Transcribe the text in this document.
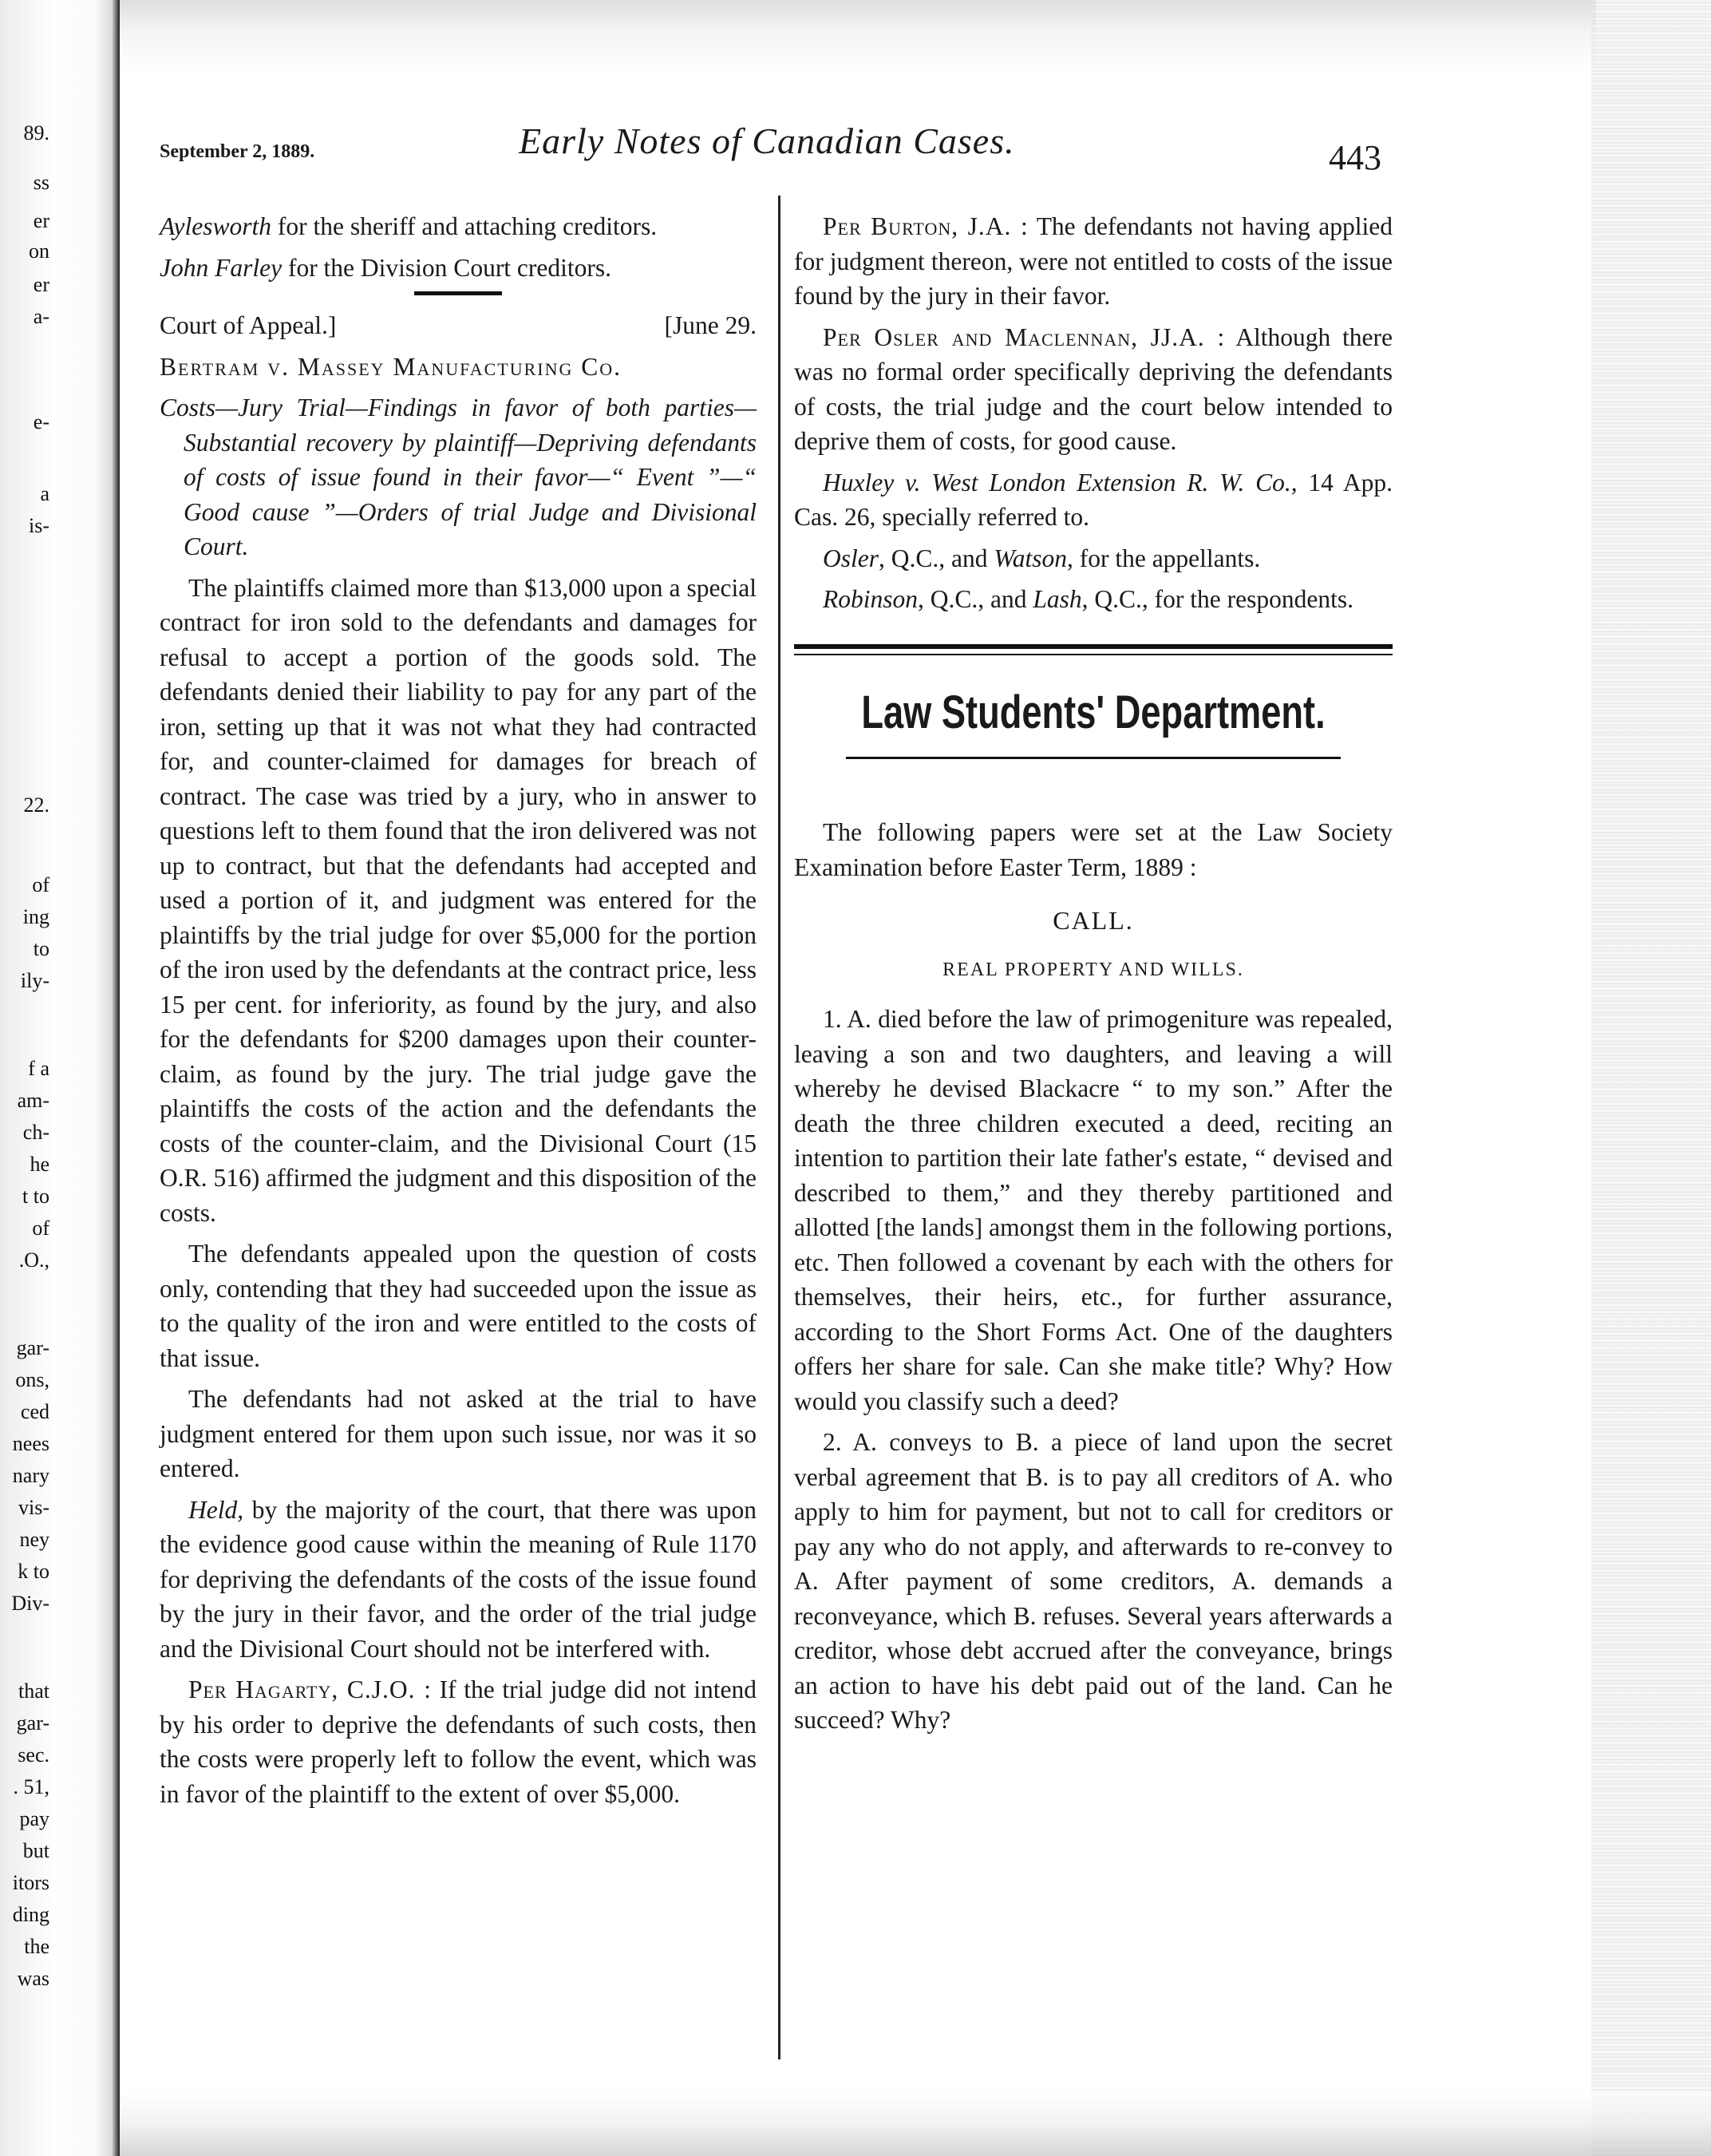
89.
ss
er
on
er
a-
e-
a
is-
22.
of
ing
to
ily-
f a
am-
ch-
he
t to
of
.O.,
gar-
ons,
ced
nees
nary
vis-
ney
k to
Div-
that
gar-
sec.
. 51,
pay
but
itors
ding
the
was
September 2, 1889.	Early Notes of Canadian Cases.	443

Aylesworth for the sheriff and attaching creditors.

John Farley for the Division Court creditors.

Court of Appeal.]	[June 29.

Bertram v. Massey Manufacturing Co.

Costs—Jury Trial—Findings in favor of both parties—Substantial recovery by plaintiff—Depriving defendants of costs of issue found in their favor—“ Event ”—“ Good cause ”—Orders of trial Judge and Divisional Court.

The plaintiffs claimed more than $13,000 upon a special contract for iron sold to the defendants and damages for refusal to accept a portion of the goods sold. The defendants denied their liability to pay for any part of the iron, setting up that it was not what they had contracted for, and counter-claimed for damages for breach of contract. The case was tried by a jury, who in answer to questions left to them found that the iron delivered was not up to contract, but that the defendants had accepted and used a portion of it, and judgment was entered for the plaintiffs by the trial judge for over $5,000 for the portion of the iron used by the defendants at the contract price, less 15 per cent. for inferiority, as found by the jury, and also for the defendants for $200 damages upon their counter-claim, as found by the jury. The trial judge gave the plaintiffs the costs of the action and the defendants the costs of the counter-claim, and the Divisional Court (15 O.R. 516) affirmed the judgment and this disposition of the costs.

The defendants appealed upon the question of costs only, contending that they had succeeded upon the issue as to the quality of the iron and were entitled to the costs of that issue.

The defendants had not asked at the trial to have judgment entered for them upon such issue, nor was it so entered.

Held, by the majority of the court, that there was upon the evidence good cause within the meaning of Rule 1170 for depriving the defendants of the costs of the issue found by the jury in their favor, and the order of the trial judge and the Divisional Court should not be interfered with.

Per Hagarty, C.J.O. : If the trial judge did not intend by his order to deprive the defendants of such costs, then the costs were properly left to follow the event, which was in favor of the plaintiff to the extent of over $5,000.

Per Burton, J.A. : The defendants not having applied for judgment thereon, were not entitled to costs of the issue found by the jury in their favor.

Per Osler and Maclennan, JJ.A. : Although there was no formal order specifically depriving the defendants of costs, the trial judge and the court below intended to deprive them of costs, for good cause.

Huxley v. West London Extension R. W. Co., 14 App. Cas. 26, specially referred to.

Osler, Q.C., and Watson, for the appellants.

Robinson, Q.C., and Lash, Q.C., for the respondents.

Law Students' Department.

The following papers were set at the Law Society Examination before Easter Term, 1889 :

CALL.
REAL PROPERTY AND WILLS.

1. A. died before the law of primogeniture was repealed, leaving a son and two daughters, and leaving a will whereby he devised Blackacre “ to my son.” After the death the three children executed a deed, reciting an intention to partition their late father's estate, “ devised and described to them,” and they thereby partitioned and allotted [the lands] amongst them in the following portions, etc. Then followed a covenant by each with the others for themselves, their heirs, etc., for further assurance, according to the Short Forms Act. One of the daughters offers her share for sale. Can she make title? Why? How would you classify such a deed?

2. A. conveys to B. a piece of land upon the secret verbal agreement that B. is to pay all creditors of A. who apply to him for payment, but not to call for creditors or pay any who do not apply, and afterwards to re-convey to A. After payment of some creditors, A. demands a reconveyance, which B. refuses. Several years afterwards a creditor, whose debt accrued after the conveyance, brings an action to have his debt paid out of the land. Can he succeed? Why?
